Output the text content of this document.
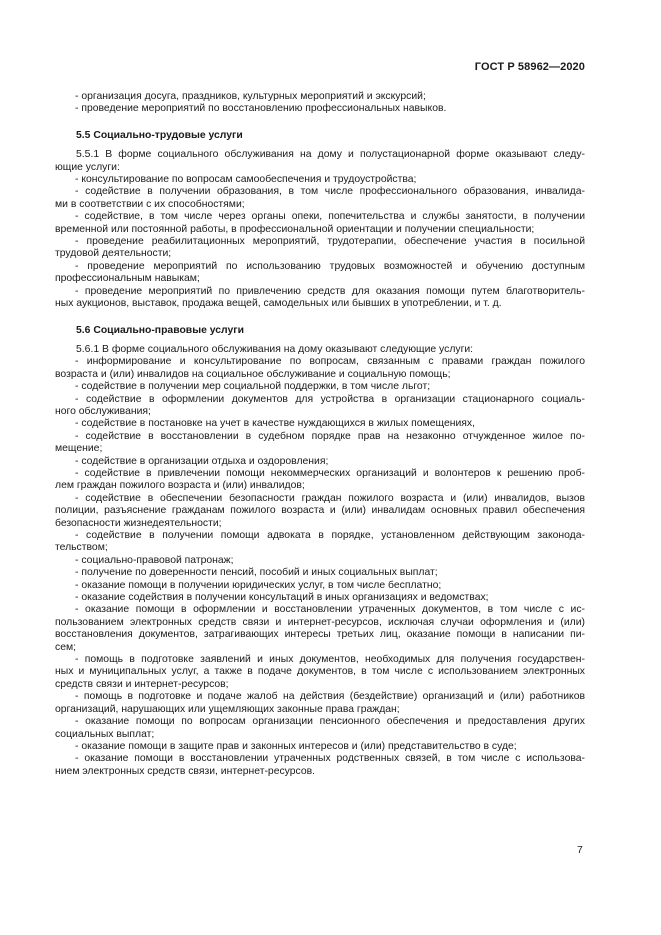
ГОСТ Р 58962—2020
- организация досуга, праздников, культурных мероприятий и экскурсий;
- проведение мероприятий по восстановлению профессиональных навыков.
5.5 Социально-трудовые услуги
5.5.1 В форме социального обслуживания на дому и полустационарной форме оказывают следу-
ющие услуги:
- консультирование по вопросам самообеспечения и трудоустройства;
- содействие в получении образования, в том числе профессионального образования, инвалида-
ми в соответствии с их способностями;
- содействие, в том числе через органы опеки, попечительства и службы занятости, в получении
временной или постоянной работы, в профессиональной ориентации и получении специальности;
- проведение реабилитационных мероприятий, трудотерапии, обеспечение участия в посильной
трудовой деятельности;
- проведение мероприятий по использованию трудовых возможностей и обучению доступным
профессиональным навыкам;
- проведение мероприятий по привлечению средств для оказания помощи путем благотворитель-
ных аукционов, выставок, продажа вещей, самодельных или бывших в употреблении, и т. д.
5.6 Социально-правовые услуги
5.6.1 В форме социального обслуживания на дому оказывают следующие услуги:
- информирование и консультирование по вопросам, связанным с правами граждан пожилого
возраста и (или) инвалидов на социальное обслуживание и социальную помощь;
- содействие в получении мер социальной поддержки, в том числе льгот;
- содействие в оформлении документов для устройства в организации стационарного социаль-
ного обслуживания;
- содействие в постановке на учет в качестве нуждающихся в жилых помещениях,
- содействие в восстановлении в судебном порядке прав на незаконно отчужденное жилое по-
мещение;
- содействие в организации отдыха и оздоровления;
- содействие в привлечении помощи некоммерческих организаций и волонтеров к решению проб-
лем граждан пожилого возраста и (или) инвалидов;
- содействие в обеспечении безопасности граждан пожилого возраста и (или) инвалидов, вызов
полиции, разъяснение гражданам пожилого возраста и (или) инвалидам основных правил обеспечения
безопасности жизнедеятельности;
- содействие в получении помощи адвоката в порядке, установленном действующим законода-
тельством;
- социально-правовой патронаж;
- получение по доверенности пенсий, пособий и иных социальных выплат;
- оказание помощи в получении юридических услуг, в том числе бесплатно;
- оказание содействия в получении консультаций в иных организациях и ведомствах;
- оказание помощи в оформлении и восстановлении утраченных документов, в том числе с ис-
пользованием электронных средств связи и интернет-ресурсов, исключая случаи оформления и (или)
восстановления документов, затрагивающих интересы третьих лиц, оказание помощи в написании пи-
сем;
- помощь в подготовке заявлений и иных документов, необходимых для получения государствен-
ных и муниципальных услуг, а также в подаче документов, в том числе с использованием электронных
средств связи и интернет-ресурсов;
- помощь в подготовке и подаче жалоб на действия (бездействие) организаций и (или) работников
организаций, нарушающих или ущемляющих законные права граждан;
- оказание помощи по вопросам организации пенсионного обеспечения и предоставления других
социальных выплат;
- оказание помощи в защите прав и законных интересов и (или) представительство в суде;
- оказание помощи в восстановлении утраченных родственных связей, в том числе с использова-
нием электронных средств связи, интернет-ресурсов.
7
